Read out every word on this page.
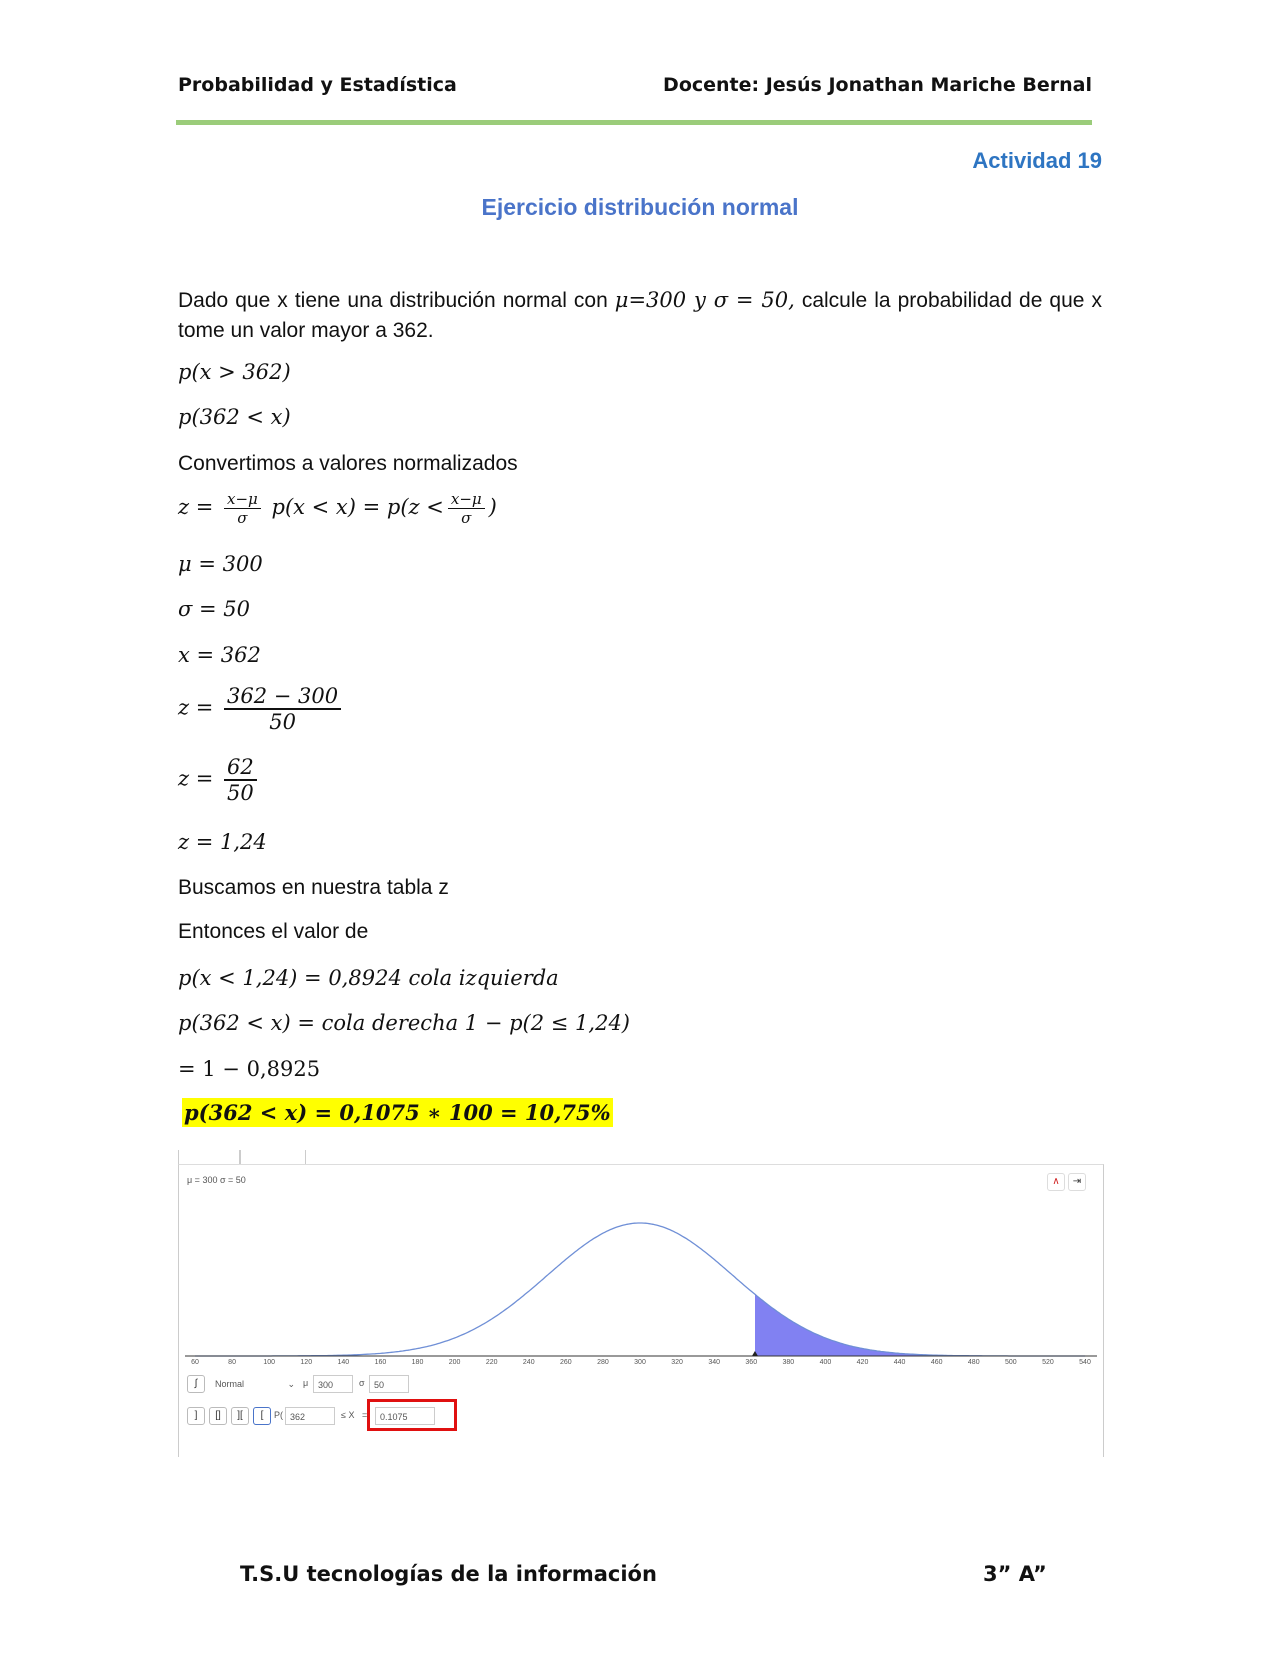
Probabilidad y Estadística	Docente: Jesús Jonathan Mariche Bernal
Actividad 19
Ejercicio distribución normal
Dado que x tiene una distribución normal con μ=300 y σ = 50, calcule la probabilidad de que x tome un valor mayor a 362.
p(x > 362)
p(362 < x)
Convertimos a valores normalizados
$z = \frac{x-\mu}{\sigma} p(x < x) = p(z < \frac{x-\mu}{\sigma}$ )
μ = 300
σ = 50
x = 362
$z = \frac{362 - 300}{50}$
$z = \frac{62}{50}$
z = 1,24
Buscamos en nuestra tabla z
Entonces el valor de
p(x < 1,24) = 0,8924 cola izquierda
p(362 < x) = cola derecha 1 − p(2 ≤ 1,24)
= 1 − 0,8925
p(362 < x) = 0,1075 ∗ 100 = 10,75%
μ = 300 σ = 50	∧	⇥
60	80	100	120	140	160	180	200	220	240	260	280	300	320	340	360	380	400	420	440	460	480	500	520	540
∫	Normal	⌄ μ	300	σ	50
]	[]	][	[	P( 362	≤ X =	0.1075
T.S.U tecnologías de la información	3” A”
